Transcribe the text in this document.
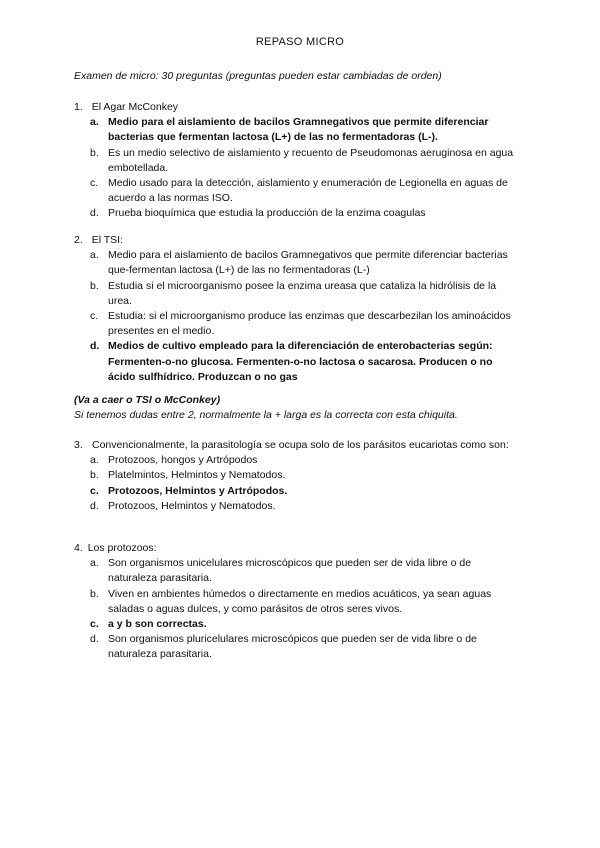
REPASO MICRO
Examen de micro: 30 preguntas (preguntas pueden estar cambiadas de orden)
1. El Agar McConkey
a. Medio para el aislamiento de bacilos Gramnegativos que permite diferenciar bacterias que fermentan lactosa (L+) de las no fermentadoras (L-).
b. Es un medio selectivo de aislamiento y recuento de Pseudomonas aeruginosa en agua embotellada.
c. Medio usado para la detección, aislamiento y enumeración de Legionella en aguas de acuerdo a las normas ISO.
d. Prueba bioquímica que estudia la producción de la enzima coagulas
2. El TSI:
a. Medio para el aislamiento de bacilos Gramnegativos que permite diferenciar bacterias que-fermentan lactosa (L+) de las no fermentadoras (L-)
b. Estudia si el microorganismo posee la enzima ureasa que cataliza la hidrólisis de la urea.
c. Estudia: si el microorganismo produce las enzimas que descarbezilan los aminoácidos presentes en el medio.
d. Medios de cultivo empleado para la diferenciación de enterobacterias según: Fermenten-o-no glucosa. Fermenten-o-no lactosa o sacarosa. Producen o no ácido sulfhídrico. Produzcan o no gas
(Va a caer o TSI o McConkey)
Si tenemos dudas entre 2, normalmente la + larga es la correcta con esta chiquita.
3. Convencionalmente, la parasitología se ocupa solo de los parásitos eucariotas como son:
a. Protozoos, hongos y Artrópodos
b. Platelmintos, Helmintos y Nematodos.
c. Protozoos, Helmintos y Artrópodos.
d. Protozoos, Helmintos y Nematodos.
4. Los protozoos:
a. Son organismos unicelulares microscópicos que pueden ser de vida libre o de naturaleza parasitaria.
b. Viven en ambientes húmedos o directamente en medios acuáticos, ya sean aguas saladas o aguas dulces, y como parásitos de otros seres vivos.
c. a y b son correctas.
d. Son organismos pluricelulares microscópicos que pueden ser de vida libre o de naturaleza parasitaria.
